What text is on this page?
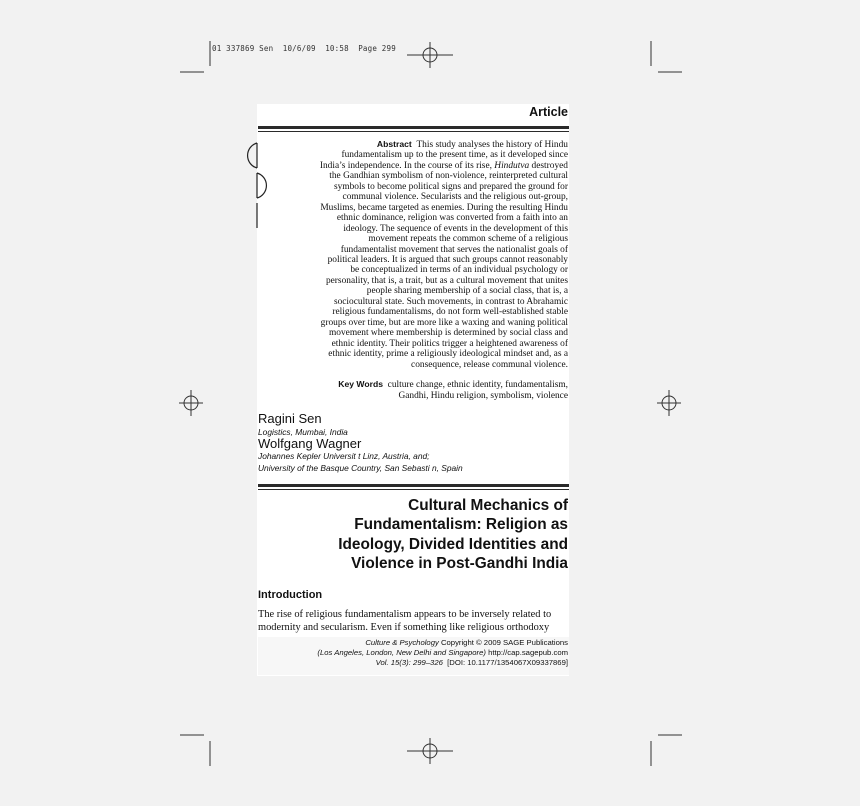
01 337869 Sen 10/6/09 10:58 Page 299
Article
Abstract This study analyses the history of Hindu
fundamentalism up to the present time, as it developed since
India’s independence. In the course of its rise, Hindutva destroyed
the Gandhian symbolism of non-violence, reinterpreted cultural
symbols to become political signs and prepared the ground for
communal violence. Secularists and the religious out-group,
Muslims, became targeted as enemies. During the resulting Hindu
ethnic dominance, religion was converted from a faith into an
ideology. The sequence of events in the development of this
movement repeats the common scheme of a religious
fundamentalist movement that serves the nationalist goals of
political leaders. It is argued that such groups cannot reasonably
be conceptualized in terms of an individual psychology or
personality, that is, a trait, but as a cultural movement that unites
people sharing membership of a social class, that is, a
sociocultural state. Such movements, in contrast to Abrahamic
religious fundamentalisms, do not form well-established stable
groups over time, but are more like a waxing and waning political
movement where membership is determined by social class and
ethnic identity. Their politics trigger a heightened awareness of
ethnic identity, prime a religiously ideological mindset and, as a
consequence, release communal violence.
Key Words culture change, ethnic identity, fundamentalism,
Gandhi, Hindu religion, symbolism, violence
Ragini Sen
Logistics, Mumbai, India
Wolfgang Wagner
Johannes Kepler Universit t Linz, Austria, and;
University of the Basque Country, San Sebasti n, Spain
Cultural Mechanics of
Fundamentalism: Religion as
Ideology, Divided Identities and
Violence in Post-Gandhi India
Introduction
The rise of religious fundamentalism appears to be inversely related to
modernity and secularism. Even if something like religious orthodoxy
Culture & Psychology Copyright © 2009 SAGE Publications
(Los Angeles, London, New Delhi and Singapore) http://cap.sagepub.com
Vol. 15(3): 299–326 [DOI: 10.1177/1354067X09337869]
